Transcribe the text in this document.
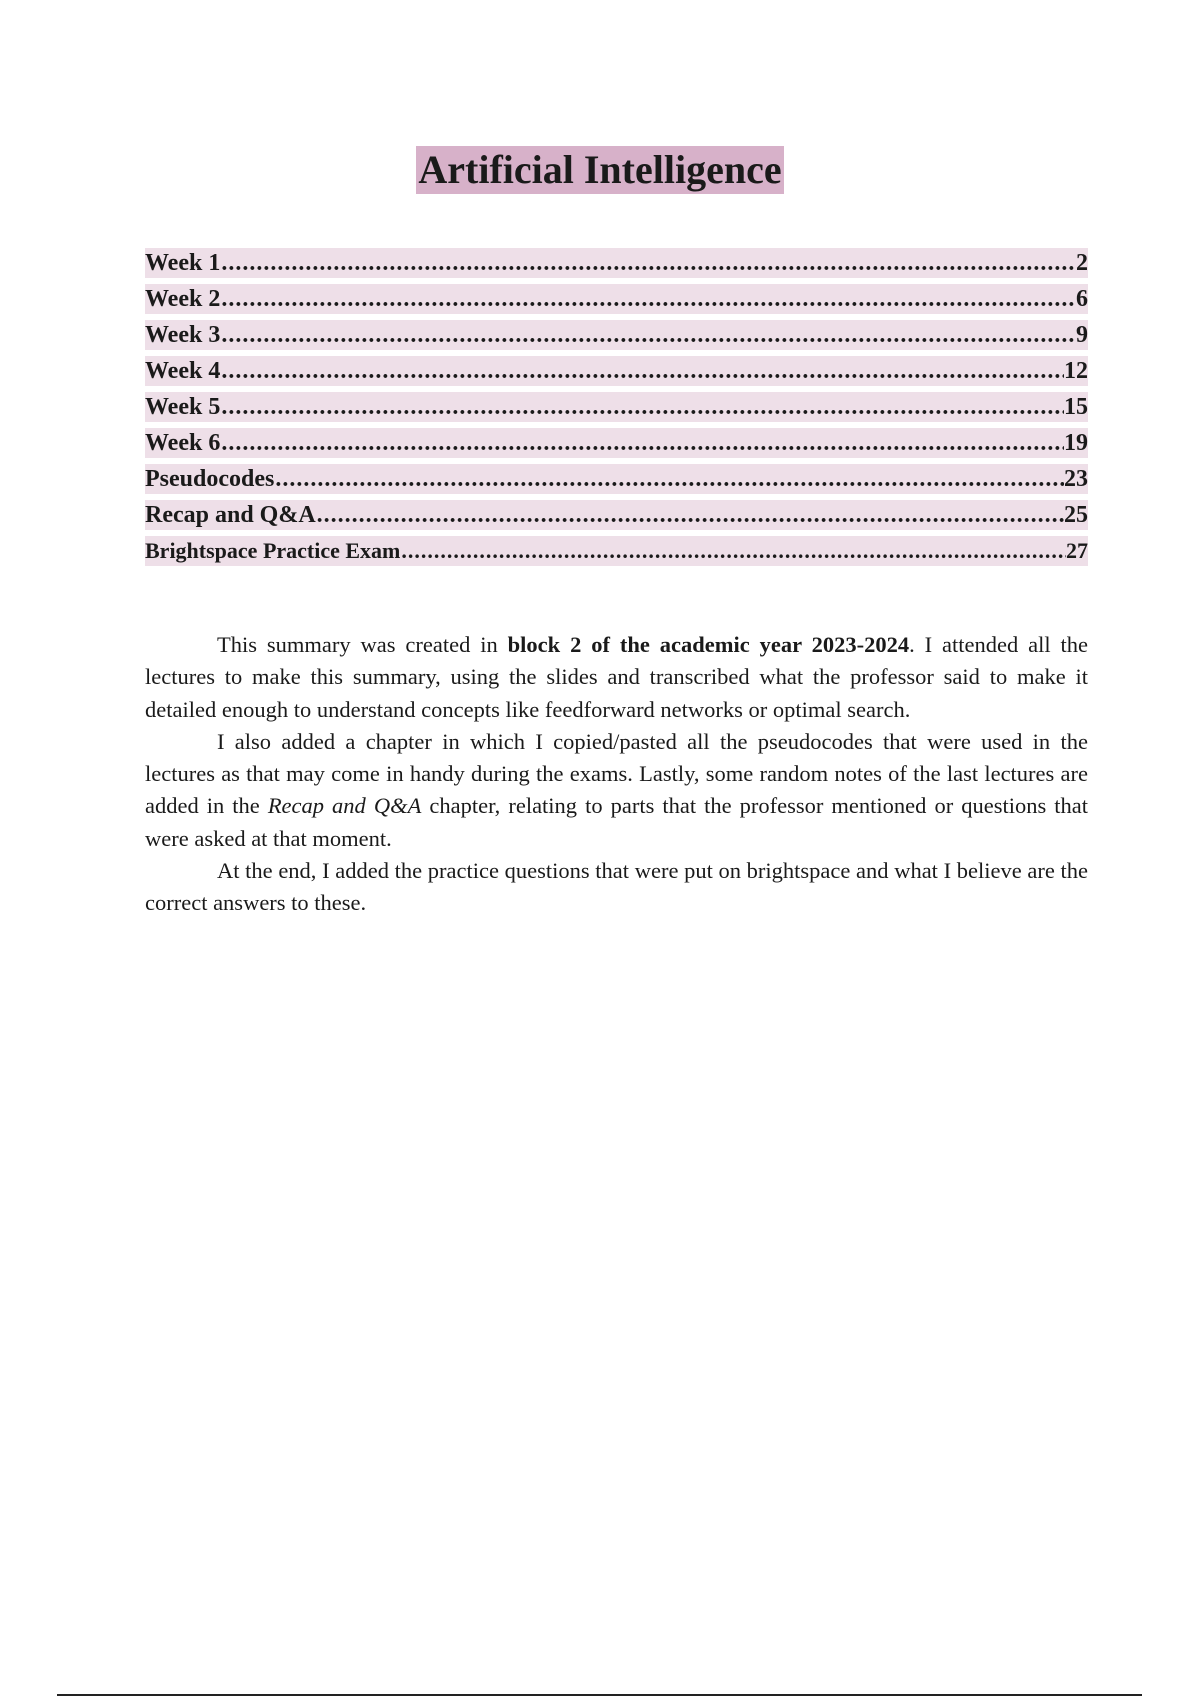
Artificial Intelligence
Week 1 .....	2
Week 2 .....	6
Week 3 .....	9
Week 4 .....	12
Week 5 .....	15
Week 6 .....	19
Pseudocodes .....	23
Recap and Q&A .....	25
Brightspace Practice Exam .....	27

This summary was created in block 2 of the academic year 2023-2024. I attended all the lectures to make this summary, using the slides and transcribed what the professor said to make it detailed enough to understand concepts like feedforward networks or optimal search.

I also added a chapter in which I copied/pasted all the pseudocodes that were used in the lectures as that may come in handy during the exams. Lastly, some random notes of the last lectures are added in the Recap and Q&A chapter, relating to parts that the professor mentioned or questions that were asked at that moment.

At the end, I added the practice questions that were put on brightspace and what I believe are the correct answers to these.
